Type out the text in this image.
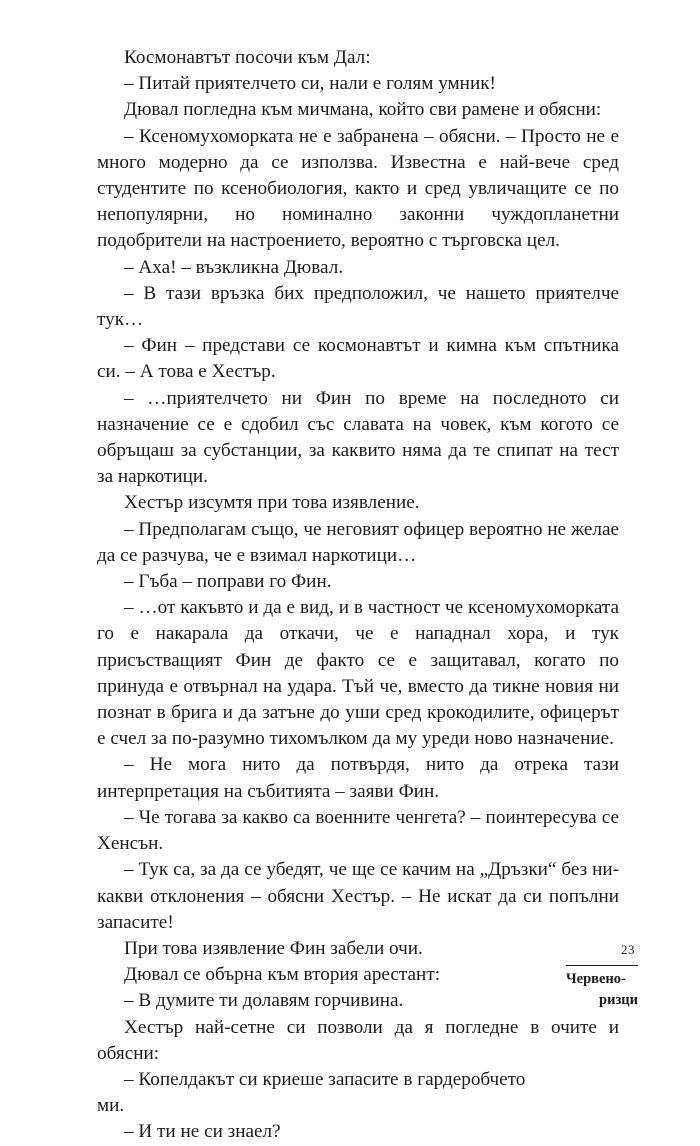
Космонавтът посочи към Дал:

– Питай приятелчето си, нали е голям умник!

Дювал погледна към мичмана, който сви рамене и обясни:

– Ксеномухоморката не е забранена – обясни. – Просто не е много модерно да се използва. Известна е най-вече сред студентите по ксенобиология, както и сред увличащите се по непопулярни, но номинално законни чуждопланетни подобрители на настроението, вероятно с търговска цел.

– Аха! – възкликна Дювал.

– В тази връзка бих предположил, че нашето приятелче тук…

– Фин – представи се космонавтът и кимна към спътника си. – А това е Хестър.

– …приятелчето ни Фин по време на последното си назначение се е сдобил със славата на човек, към когото се обръщаш за субстанции, за каквито няма да те спипат на тест за наркотици.

Хестър изсумтя при това изявление.

– Предполагам също, че неговият офицер вероятно не желае да се разчува, че е взимал наркотици…

– Гъба – поправи го Фин.

– …от какъвто и да е вид, и в частност че ксеномухоморката го е накарала да откачи, че е нападнал хора, и тук присъстващият Фин де факто се е защитавал, когато по принуда е отвърнал на удара. Тъй че, вместо да тикне новия ни познат в брига и да затъне до уши сред крокодилите, офицерът е счел за по-разумно тихомълком да му уреди ново назначение.

– Не мога нито да потвърдя, нито да отрека тази интерпретация на събитията – заяви Фин.

– Че тогава за какво са военните ченгета? – поинтересува се Хенсън.

– Тук са, за да се убедят, че ще се качим на „Дръзки“ без никакви отклонения – обясни Хестър. – Не искат да си попълни запасите!

При това изявление Фин забели очи.

Дювал се обърна към втория арестант:

– В думите ти долавям горчивина.

Хестър най-сетне си позволи да я погледне в очите и обясни:

– Копелдакът си криеше запасите в гардеробчето

ми.

– И ти не си знаел?

23
Червено-
ризци
